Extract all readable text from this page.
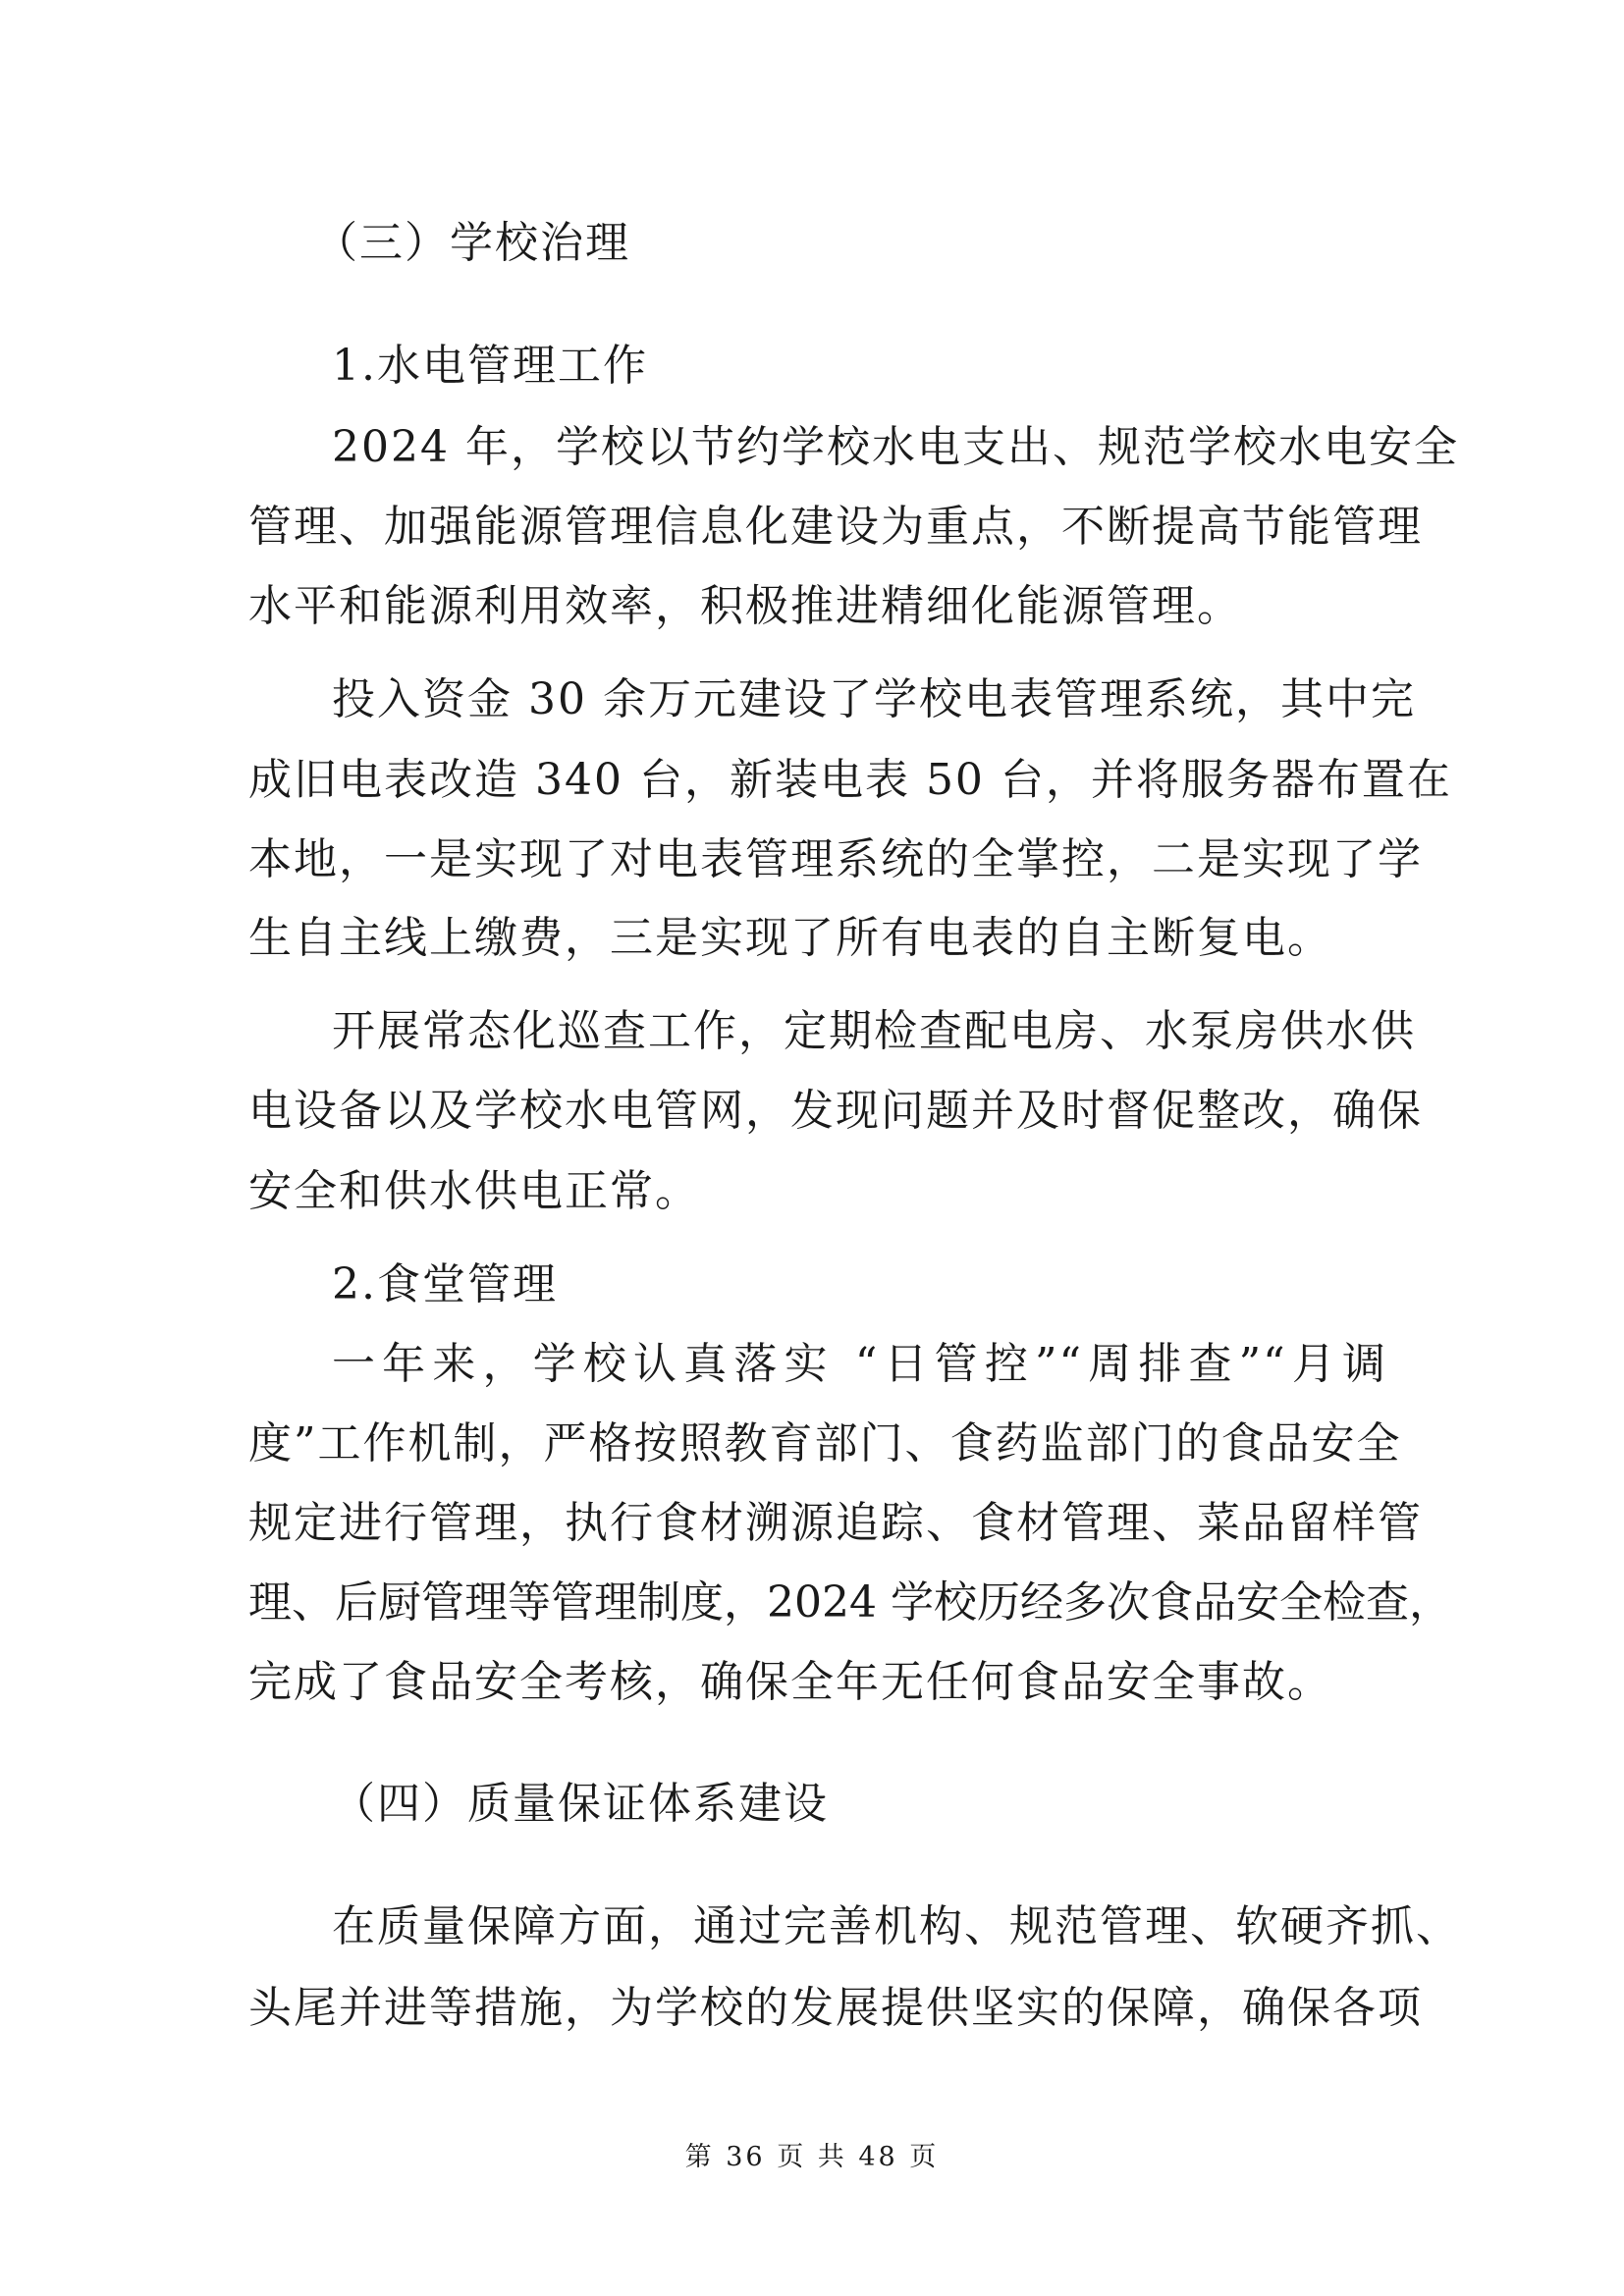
（三）学校治理
1.水电管理工作
2024 年，学校以节约学校水电支出、规范学校水电安全
管理、加强能源管理信息化建设为重点，不断提高节能管理
水平和能源利用效率，积极推进精细化能源管理。
投入资金 30 余万元建设了学校电表管理系统，其中完
成旧电表改造 340 台，新装电表 50 台，并将服务器布置在
本地，一是实现了对电表管理系统的全掌控，二是实现了学
生自主线上缴费，三是实现了所有电表的自主断复电。
开展常态化巡查工作，定期检查配电房、水泵房供水供
电设备以及学校水电管网，发现问题并及时督促整改，确保
安全和供水供电正常。
2.食堂管理
一年来，学校认真落实 “日管控”“周排查”“月调
度”工作机制，严格按照教育部门、食药监部门的食品安全
规定进行管理，执行食材溯源追踪、食材管理、菜品留样管
理、后厨管理等管理制度，2024 学校历经多次食品安全检查，
完成了食品安全考核，确保全年无任何食品安全事故。
（四）质量保证体系建设
在质量保障方面，通过完善机构、规范管理、软硬齐抓、
头尾并进等措施，为学校的发展提供坚实的保障，确保各项
第 36 页 共 48 页
